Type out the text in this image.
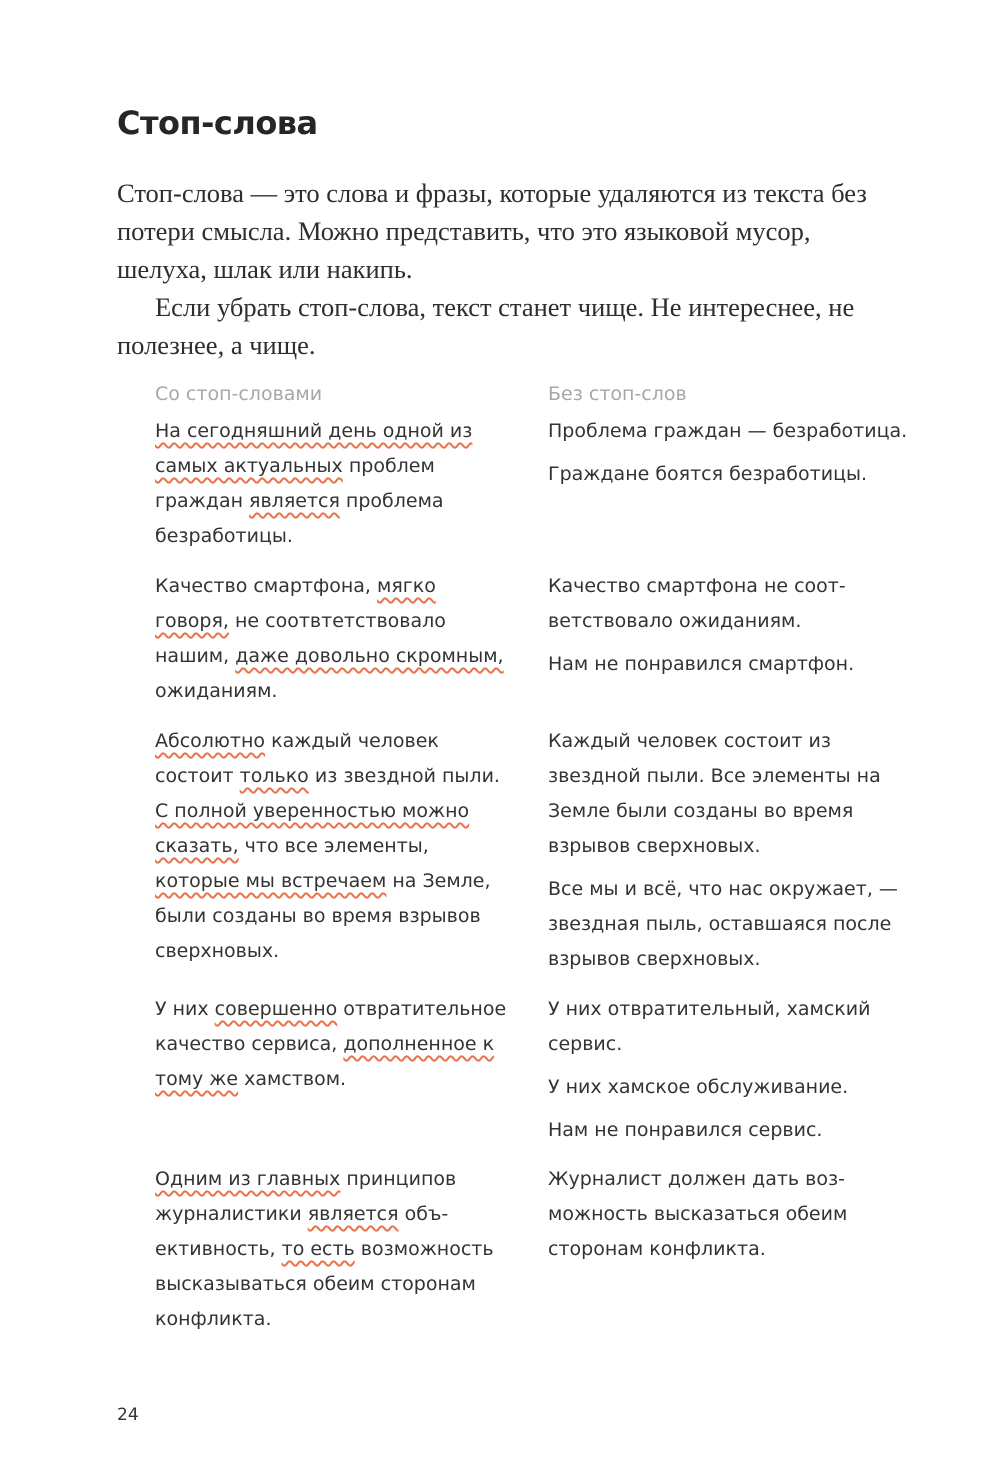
Стоп-слова

Стоп-слова — это слова и фразы, которые удаляются из текста без потери смысла. Можно представить, что это языковой мусор, шелуха, шлак или накипь.

Если убрать стоп-слова, текст станет чище. Не интереснее, не полезнее, а чище.

Со стоп-словами	Без стоп-слов
На сегодняшний день одной из самых актуальных проблем граждан является проблема безработицы.
Проблема граждан — безработица.
Граждане боятся безработицы.
Качество смартфона, мягко говоря, не соотвтетствовало нашим, даже довольно скромным, ожиданиям.
Качество смартфона не соответствовало ожиданиям.
Нам не понравился смартфон.
Абсолютно каждый человек состоит только из звездной пыли. С полной уверенностью можно сказать, что все элементы, которые мы встречаем на Земле, были созданы во время взрывов сверхновых.
Каждый человек состоит из звездной пыли. Все элементы на Земле были созданы во время взрывов сверхновых.
Все мы и всё, что нас окружает, — звездная пыль, оставшаяся после взрывов сверхновых.
У них совершенно отвратительное качество сервиса, дополненное к тому же хамством.
У них отвратительный, хамский сервис.
У них хамское обслуживание.
Нам не понравился сервис.
Одним из главных принципов журналистики является объективность, то есть возможность высказываться обеим сторонам конфликта.
Журналист должен дать возможность высказаться обеим сторонам конфликта.
24
